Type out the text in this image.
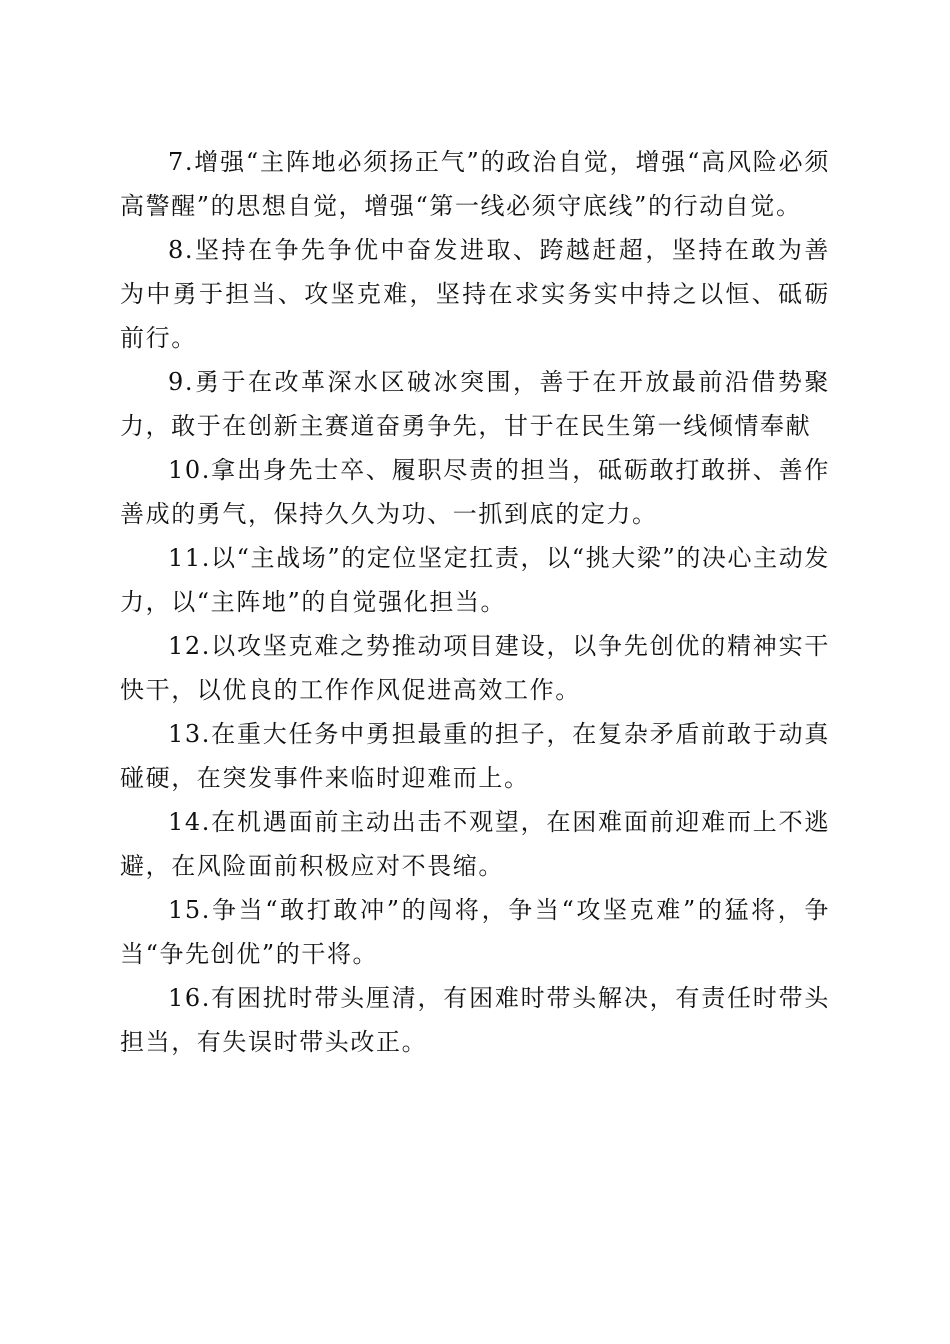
7.增强“主阵地必须扬正气”的政治自觉，增强“高风险必须高警醒”的思想自觉，增强“第一线必须守底线”的行动自觉。

8.坚持在争先争优中奋发进取、跨越赶超，坚持在敢为善为中勇于担当、攻坚克难，坚持在求实务实中持之以恒、砥砺前行。

9.勇于在改革深水区破冰突围，善于在开放最前沿借势聚力，敢于在创新主赛道奋勇争先，甘于在民生第一线倾情奉献

10.拿出身先士卒、履职尽责的担当，砥砺敢打敢拼、善作善成的勇气，保持久久为功、一抓到底的定力。

11.以“主战场”的定位坚定扛责，以“挑大梁”的决心主动发力，以“主阵地”的自觉强化担当。

12.以攻坚克难之势推动项目建设，以争先创优的精神实干快干，以优良的工作作风促进高效工作。

13.在重大任务中勇担最重的担子，在复杂矛盾前敢于动真碰硬，在突发事件来临时迎难而上。

14.在机遇面前主动出击不观望，在困难面前迎难而上不逃避，在风险面前积极应对不畏缩。

15.争当“敢打敢冲”的闯将，争当“攻坚克难”的猛将，争当“争先创优”的干将。

16.有困扰时带头厘清，有困难时带头解决，有责任时带头担当，有失误时带头改正。
